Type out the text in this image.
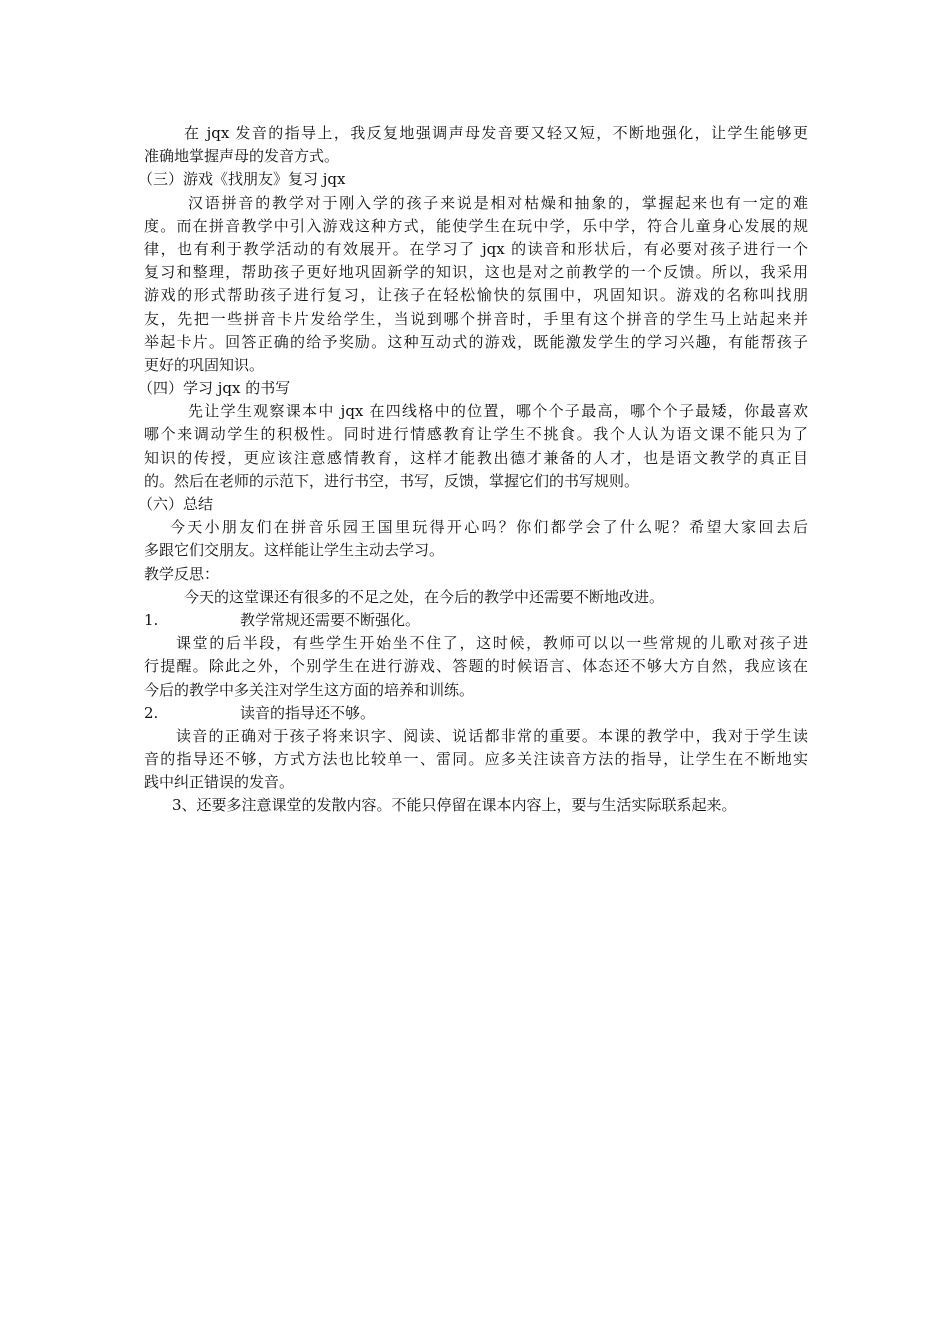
在 jqx 发音的指导上，我反复地强调声母发音要又轻又短，不断地强化，让学生能够更
准确地掌握声母的发音方式。
（三）游戏《找朋友》复习 jqx
汉语拼音的教学对于刚入学的孩子来说是相对枯燥和抽象的，掌握起来也有一定的难
度。而在拼音教学中引入游戏这种方式，能使学生在玩中学，乐中学，符合儿童身心发展的规
律，也有利于教学活动的有效展开。在学习了 jqx 的读音和形状后，有必要对孩子进行一个
复习和整理，帮助孩子更好地巩固新学的知识，这也是对之前教学的一个反馈。所以，我采用
游戏的形式帮助孩子进行复习，让孩子在轻松愉快的氛围中，巩固知识。游戏的名称叫找朋
友，先把一些拼音卡片发给学生，当说到哪个拼音时，手里有这个拼音的学生马上站起来并
举起卡片。回答正确的给予奖励。这种互动式的游戏，既能激发学生的学习兴趣，有能帮孩子
更好的巩固知识。
（四）学习 jqx 的书写
先让学生观察课本中 jqx 在四线格中的位置，哪个个子最高，哪个个子最矮，你最喜欢
哪个来调动学生的积极性。同时进行情感教育让学生不挑食。我个人认为语文课不能只为了
知识的传授，更应该注意感情教育，这样才能教出德才兼备的人才，也是语文教学的真正目
的。然后在老师的示范下，进行书空，书写，反馈，掌握它们的书写规则。
（六）总结
今天小朋友们在拼音乐园王国里玩得开心吗？你们都学会了什么呢？希望大家回去后
多跟它们交朋友。这样能让学生主动去学习。
教学反思：
今天的这堂课还有很多的不足之处，在今后的教学中还需要不断地改进。
1.	教学常规还需要不断强化。
课堂的后半段，有些学生开始坐不住了，这时候，教师可以以一些常规的儿歌对孩子进
行提醒。除此之外，个别学生在进行游戏、答题的时候语言、体态还不够大方自然，我应该在
今后的教学中多关注对学生这方面的培养和训练。
2.	读音的指导还不够。
读音的正确对于孩子将来识字、阅读、说话都非常的重要。本课的教学中，我对于学生读
音的指导还不够，方式方法也比较单一、雷同。应多关注读音方法的指导，让学生在不断地实
践中纠正错误的发音。
3、还要多注意课堂的发散内容。不能只停留在课本内容上，要与生活实际联系起来。
